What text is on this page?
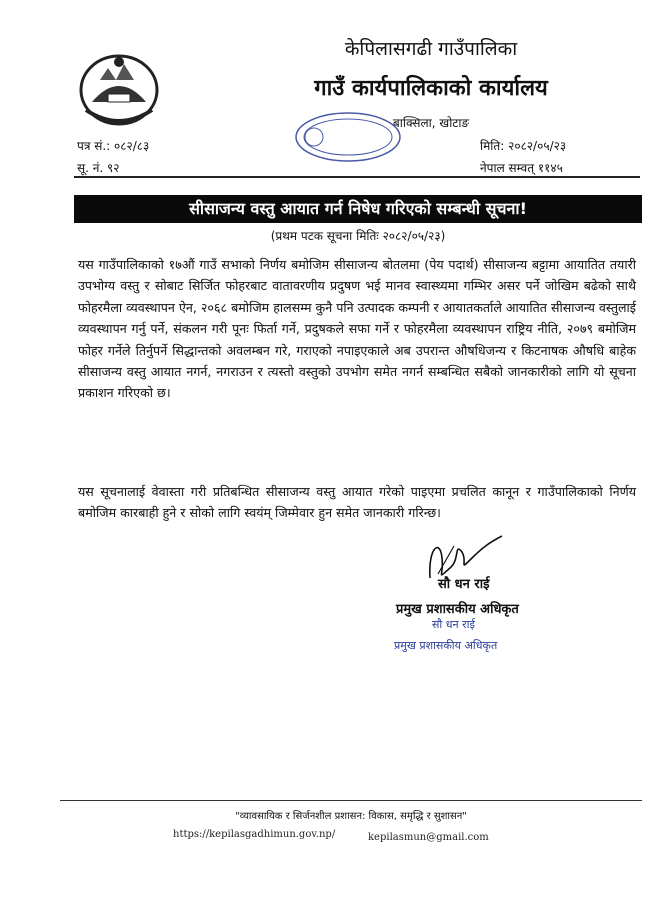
केपिलासगढी गाउँपालिका
गाउँ कार्यपालिकाको कार्यालय
बाक्सिला, खोटाङ
पत्र सं.: ०८२/८३
सू. नं. ९२
मिति: २०८२/०५/२३
नेपाल सम्वत् ११४५
सीसाजन्य वस्तु आयात गर्न निषेध गरिएको सम्बन्धी सूचना!
(प्रथम पटक सूचना मितिः २०८२/०५/२३)
यस गाउँपालिकाको १७औं गाउँ सभाको निर्णय बमोजिम सीसाजन्य बोतलमा (पेय पदार्थ) सीसाजन्य बट्टामा आयातित तयारी उपभोग्य वस्तु र सोबाट सिर्जित फोहरबाट वातावरणीय प्रदुषण भई मानव स्वास्थ्यमा गम्भिर असर पर्ने जोखिम बढेको साथै फोहरमैला व्यवस्थापन ऐन, २०६८ बमोजिम हालसम्म कुनै पनि उत्पादक कम्पनी र आयातकर्ताले आयातित सीसाजन्य वस्तुलाई व्यवस्थापन गर्नु पर्ने, संकलन गरी पूनः फिर्ता गर्ने, प्रदुषकले सफा गर्ने र फोहरमैला व्यवस्थापन राष्ट्रिय नीति, २०७९ बमोजिम फोहर गर्नेले तिर्नुपर्ने सिद्धान्तको अवलम्बन गरे, गराएको नपाइएकाले अब उपरान्त औषधिजन्य र किटनाषक औषधि बाहेक सीसाजन्य वस्तु आयात नगर्न, नगराउन र त्यस्तो वस्तुको उपभोग समेत नगर्न सम्बन्धित सबैको जानकारीको लागि यो सूचना प्रकाशन गरिएको छ।
यस सूचनालाई वेवास्ता गरी प्रतिबन्धित सीसाजन्य वस्तु आयात गरेको पाइएमा प्रचलित कानून र गाउँपालिकाको निर्णय बमोजिम कारबाही हुने र सोको लागि स्वयंम् जिम्मेवार हुन समेत जानकारी गरिन्छ।
सौ धन राई
प्रमुख प्रशासकीय अधिकृत
सौ धन राई
प्रमुख प्रशासकीय अधिकृत
"व्यावसायिक र सिर्जनशील प्रशासन: विकास, समृद्धि र सुशासन"
https://kepilasgadhimun.gov.np/	kepilasmun@gmail.com
